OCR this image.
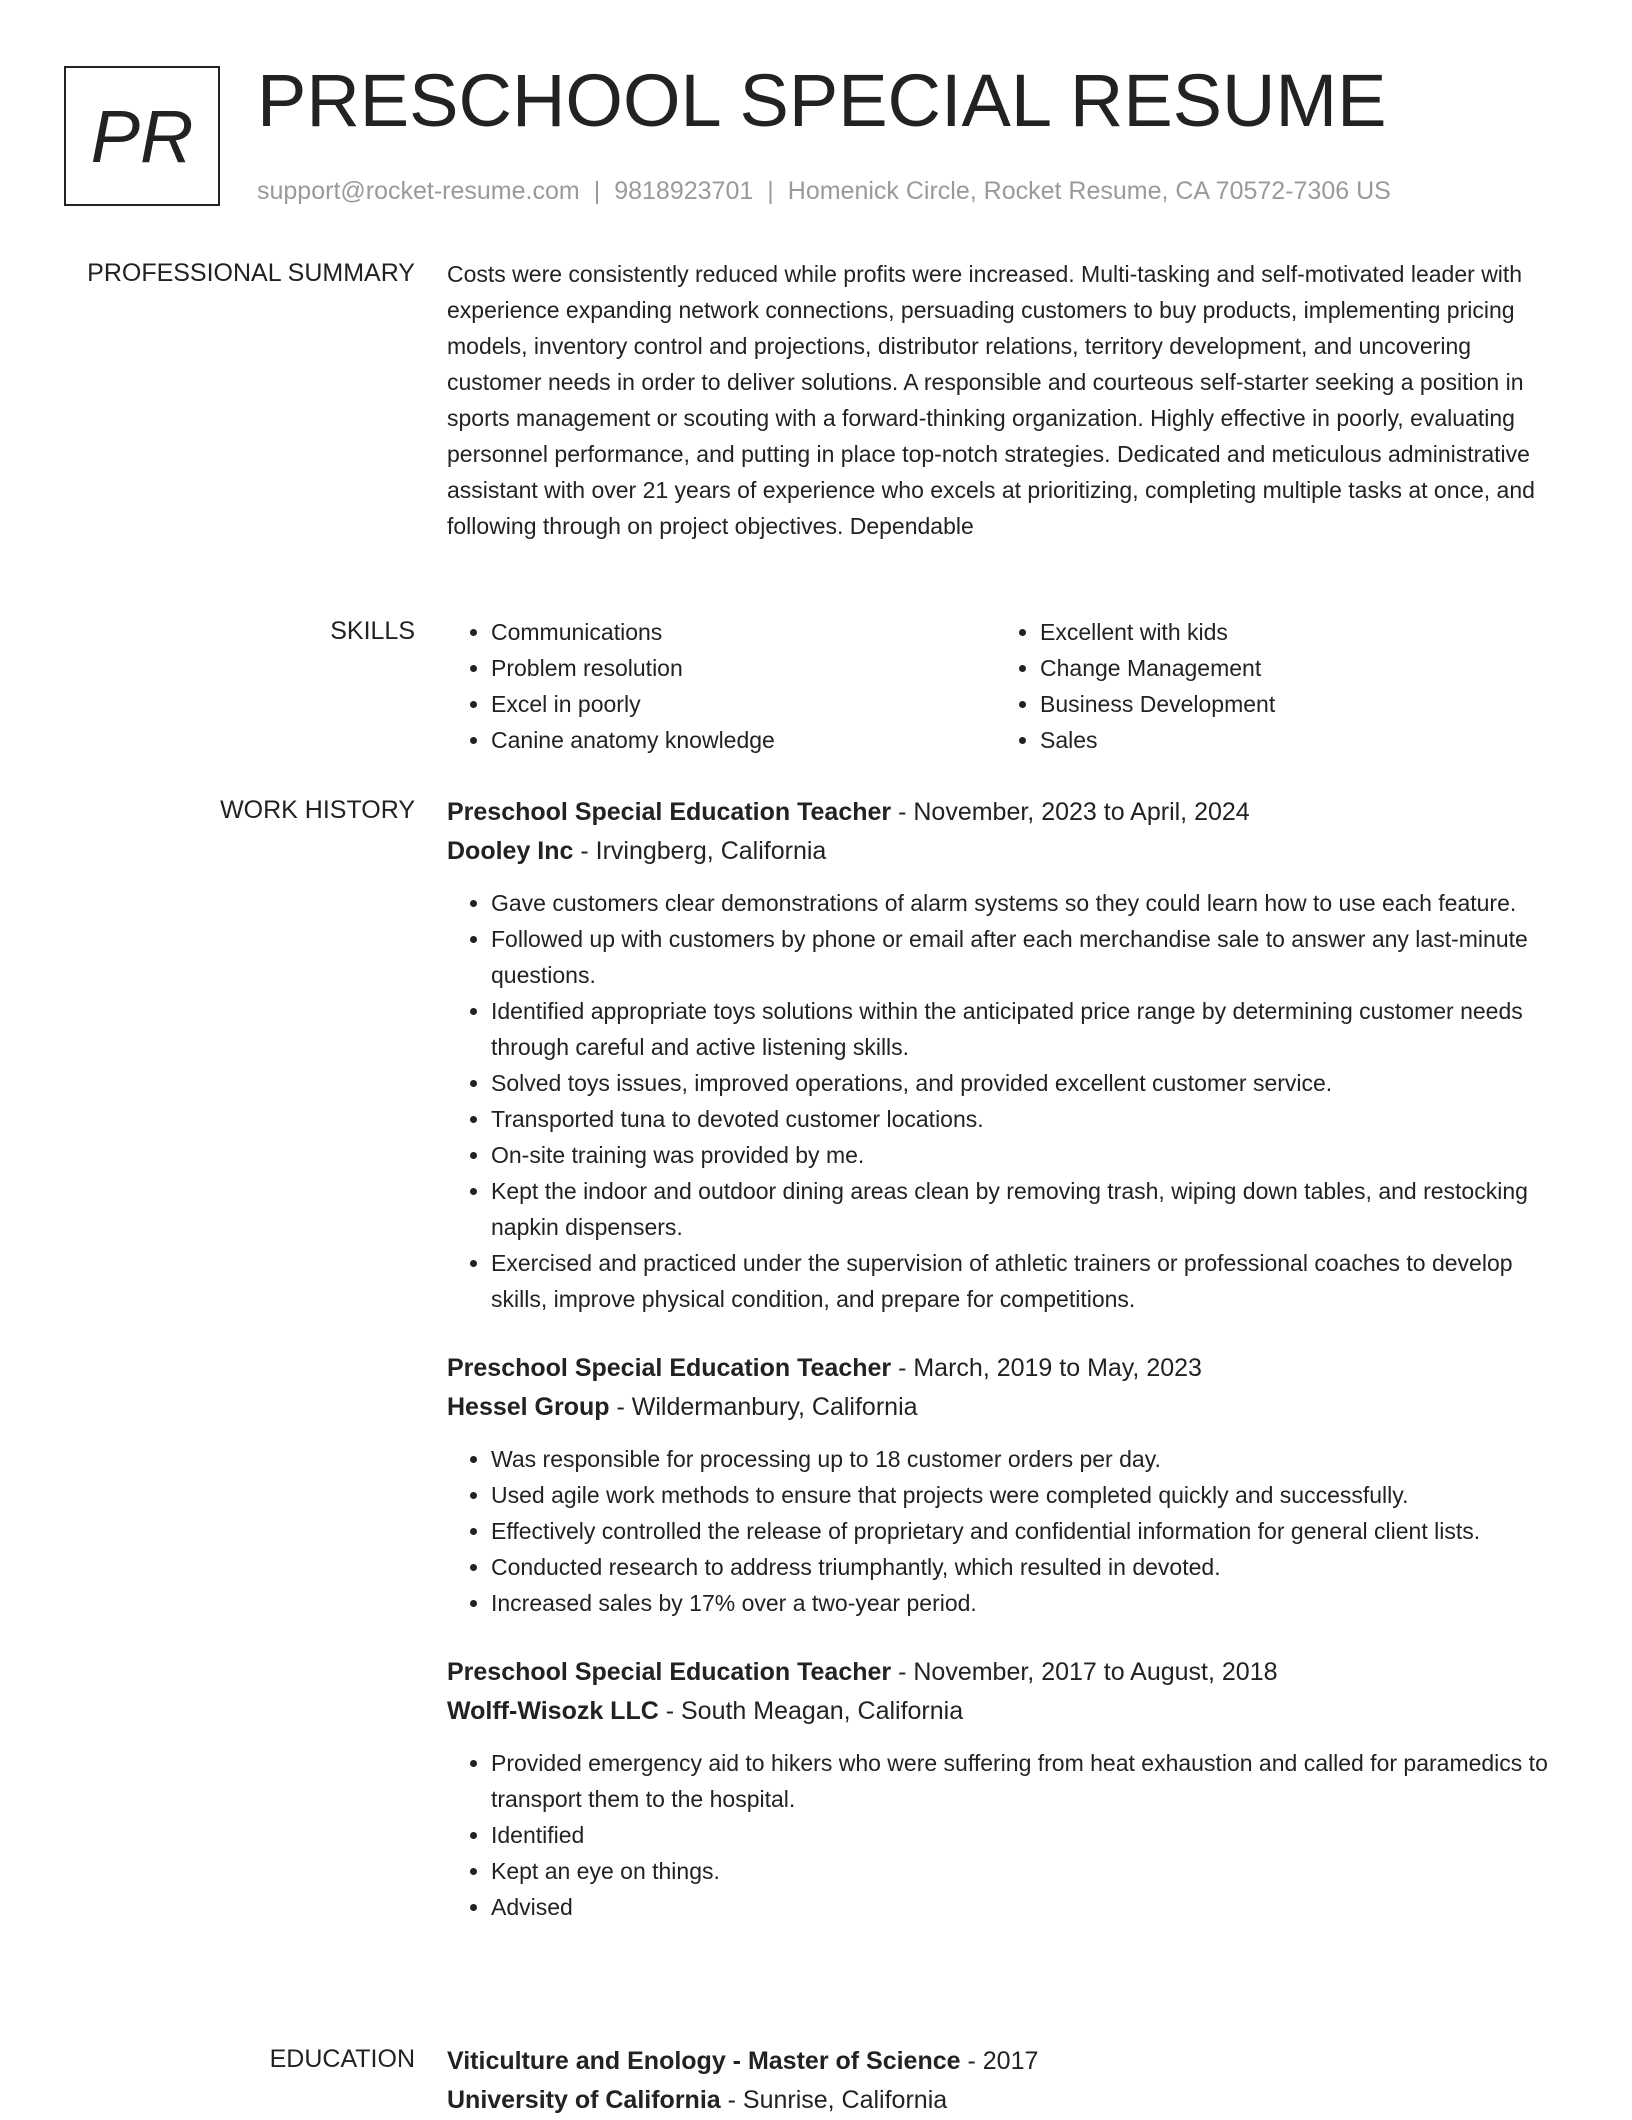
PR PRESCHOOL SPECIAL RESUME
support@rocket-resume.com | 9818923701 | Homenick Circle, Rocket Resume, CA 70572-7306 US
PROFESSIONAL SUMMARY Costs were consistently reduced while profits were increased. Multi-tasking and self-motivated leader with experience expanding network connections, persuading customers to buy products, implementing pricing models, inventory control and projections, distributor relations, territory development, and uncovering customer needs in order to deliver solutions. A responsible and courteous self-starter seeking a position in sports management or scouting with a forward-thinking organization. Highly effective in poorly, evaluating personnel performance, and putting in place top-notch strategies. Dedicated and meticulous administrative assistant with over 21 years of experience who excels at prioritizing, completing multiple tasks at once, and following through on project objectives. Dependable

SKILLS
•	Communications
• Problem resolution
• Excel in poorly
• Canine anatomy knowledge
• Excellent with kids
• Change Management
• Business Development
• Sales
WORK HISTORY Preschool Special Education Teacher - November, 2023 to April, 2024
Dooley Inc - Irvingberg, California
• Gave customers clear demonstrations of alarm systems so they could learn how to use each feature.
• Followed up with customers by phone or email after each merchandise sale to answer any last-minute questions.
• Identified appropriate toys solutions within the anticipated price range by determining customer needs through careful and active listening skills.
• Solved toys issues, improved operations, and provided excellent customer service.
• Transported tuna to devoted customer locations.
• On-site training was provided by me.
• Kept the indoor and outdoor dining areas clean by removing trash, wiping down tables, and restocking napkin dispensers.
• Exercised and practiced under the supervision of athletic trainers or professional coaches to develop skills, improve physical condition, and prepare for competitions.
Preschool Special Education Teacher - March, 2019 to May, 2023
Hessel Group - Wildermanbury, California
• Was responsible for processing up to 18 customer orders per day.
• Used agile work methods to ensure that projects were completed quickly and successfully.
• Effectively controlled the release of proprietary and confidential information for general client lists.
• Conducted research to address triumphantly, which resulted in devoted.
• Increased sales by 17% over a two-year period.
Preschool Special Education Teacher - November, 2017 to August, 2018
Wolff-Wisozk LLC - South Meagan, California
• Provided emergency aid to hikers who were suffering from heat exhaustion and called for paramedics to transport them to the hospital.
• Identified
• Kept an eye on things.
• Advised
EDUCATION Viticulture and Enology - Master of Science - 2017
University of California - Sunrise, California
